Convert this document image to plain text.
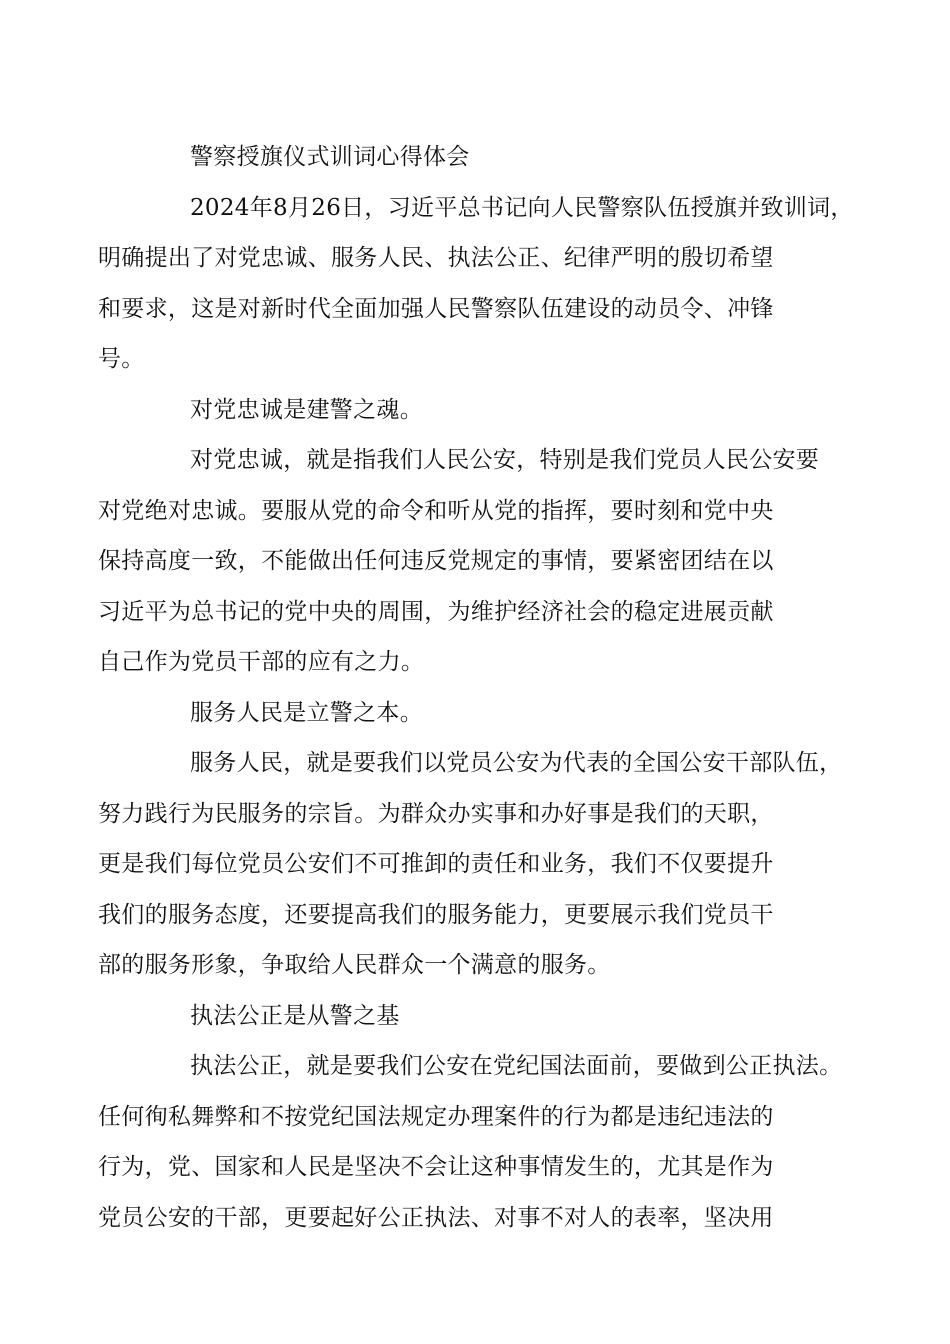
警察授旗仪式训词心得体会

2024年8月26日，习近平总书记向人民警察队伍授旗并致训词，
明确提出了对党忠诚、服务人民、执法公正、纪律严明的殷切希望
和要求，这是对新时代全面加强人民警察队伍建设的动员令、冲锋
号。

对党忠诚是建警之魂。

对党忠诚，就是指我们人民公安，特别是我们党员人民公安要
对党绝对忠诚。要服从党的命令和听从党的指挥，要时刻和党中央
保持高度一致，不能做出任何违反党规定的事情，要紧密团结在以
习近平为总书记的党中央的周围，为维护经济社会的稳定进展贡献
自己作为党员干部的应有之力。

服务人民是立警之本。

服务人民，就是要我们以党员公安为代表的全国公安干部队伍，
努力践行为民服务的宗旨。为群众办实事和办好事是我们的天职，
更是我们每位党员公安们不可推卸的责任和业务，我们不仅要提升
我们的服务态度，还要提高我们的服务能力，更要展示我们党员干
部的服务形象，争取给人民群众一个满意的服务。

执法公正是从警之基

执法公正，就是要我们公安在党纪国法面前，要做到公正执法。
任何徇私舞弊和不按党纪国法规定办理案件的行为都是违纪违法的
行为，党、国家和人民是坚决不会让这种事情发生的，尤其是作为
党员公安的干部，更要起好公正执法、对事不对人的表率，坚决用
